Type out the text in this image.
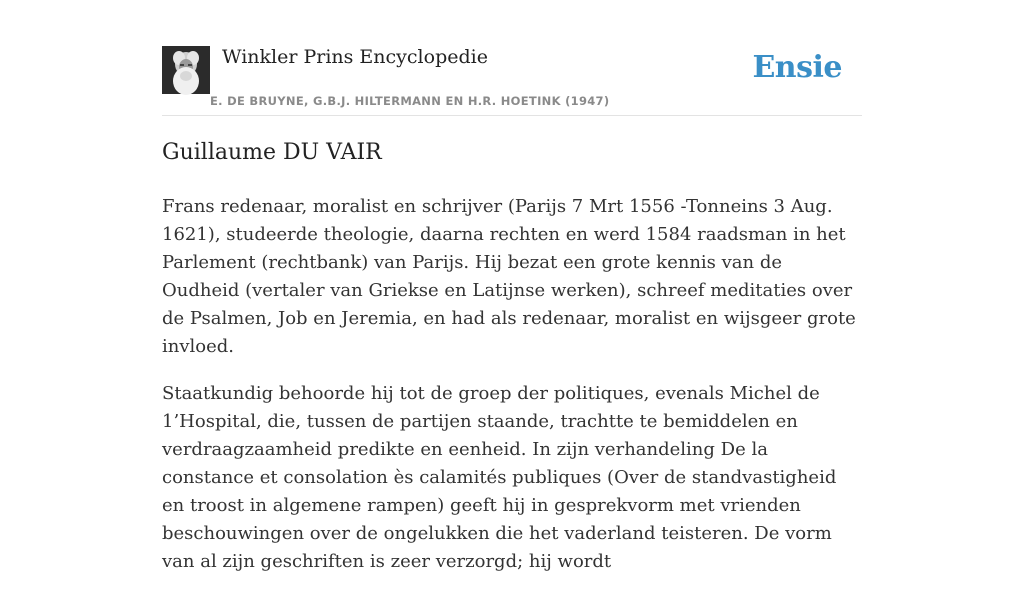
Winkler Prins Encyclopedie
E. DE BRUYNE, G.B.J. HILTERMANN EN H.R. HOETINK (1947)
Ensie
Guillaume DU VAIR

Frans redenaar, moralist en schrijver (Parijs 7 Mrt 1556 -Tonneins 3 Aug. 1621), studeerde theologie, daarna rechten en werd 1584 raadsman in het Parlement (rechtbank) van Parijs. Hij bezat een grote kennis van de Oudheid (vertaler van Griekse en Latijnse werken), schreef meditaties over de Psalmen, Job en Jeremia, en had als redenaar, moralist en wijsgeer grote invloed.

Staatkundig behoorde hij tot de groep der politiques, evenals Michel de 1’Hospital, die, tussen de partijen staande, trachtte te bemiddelen en verdraagzaamheid predikte en eenheid. In zijn verhandeling De la constance et consolation ès calamités publiques (Over de standvastigheid en troost in algemene rampen) geeft hij in gesprekvorm met vrienden beschouwingen over de ongelukken die het vaderland teisteren. De vorm van al zijn geschriften is zeer verzorgd; hij wordt
